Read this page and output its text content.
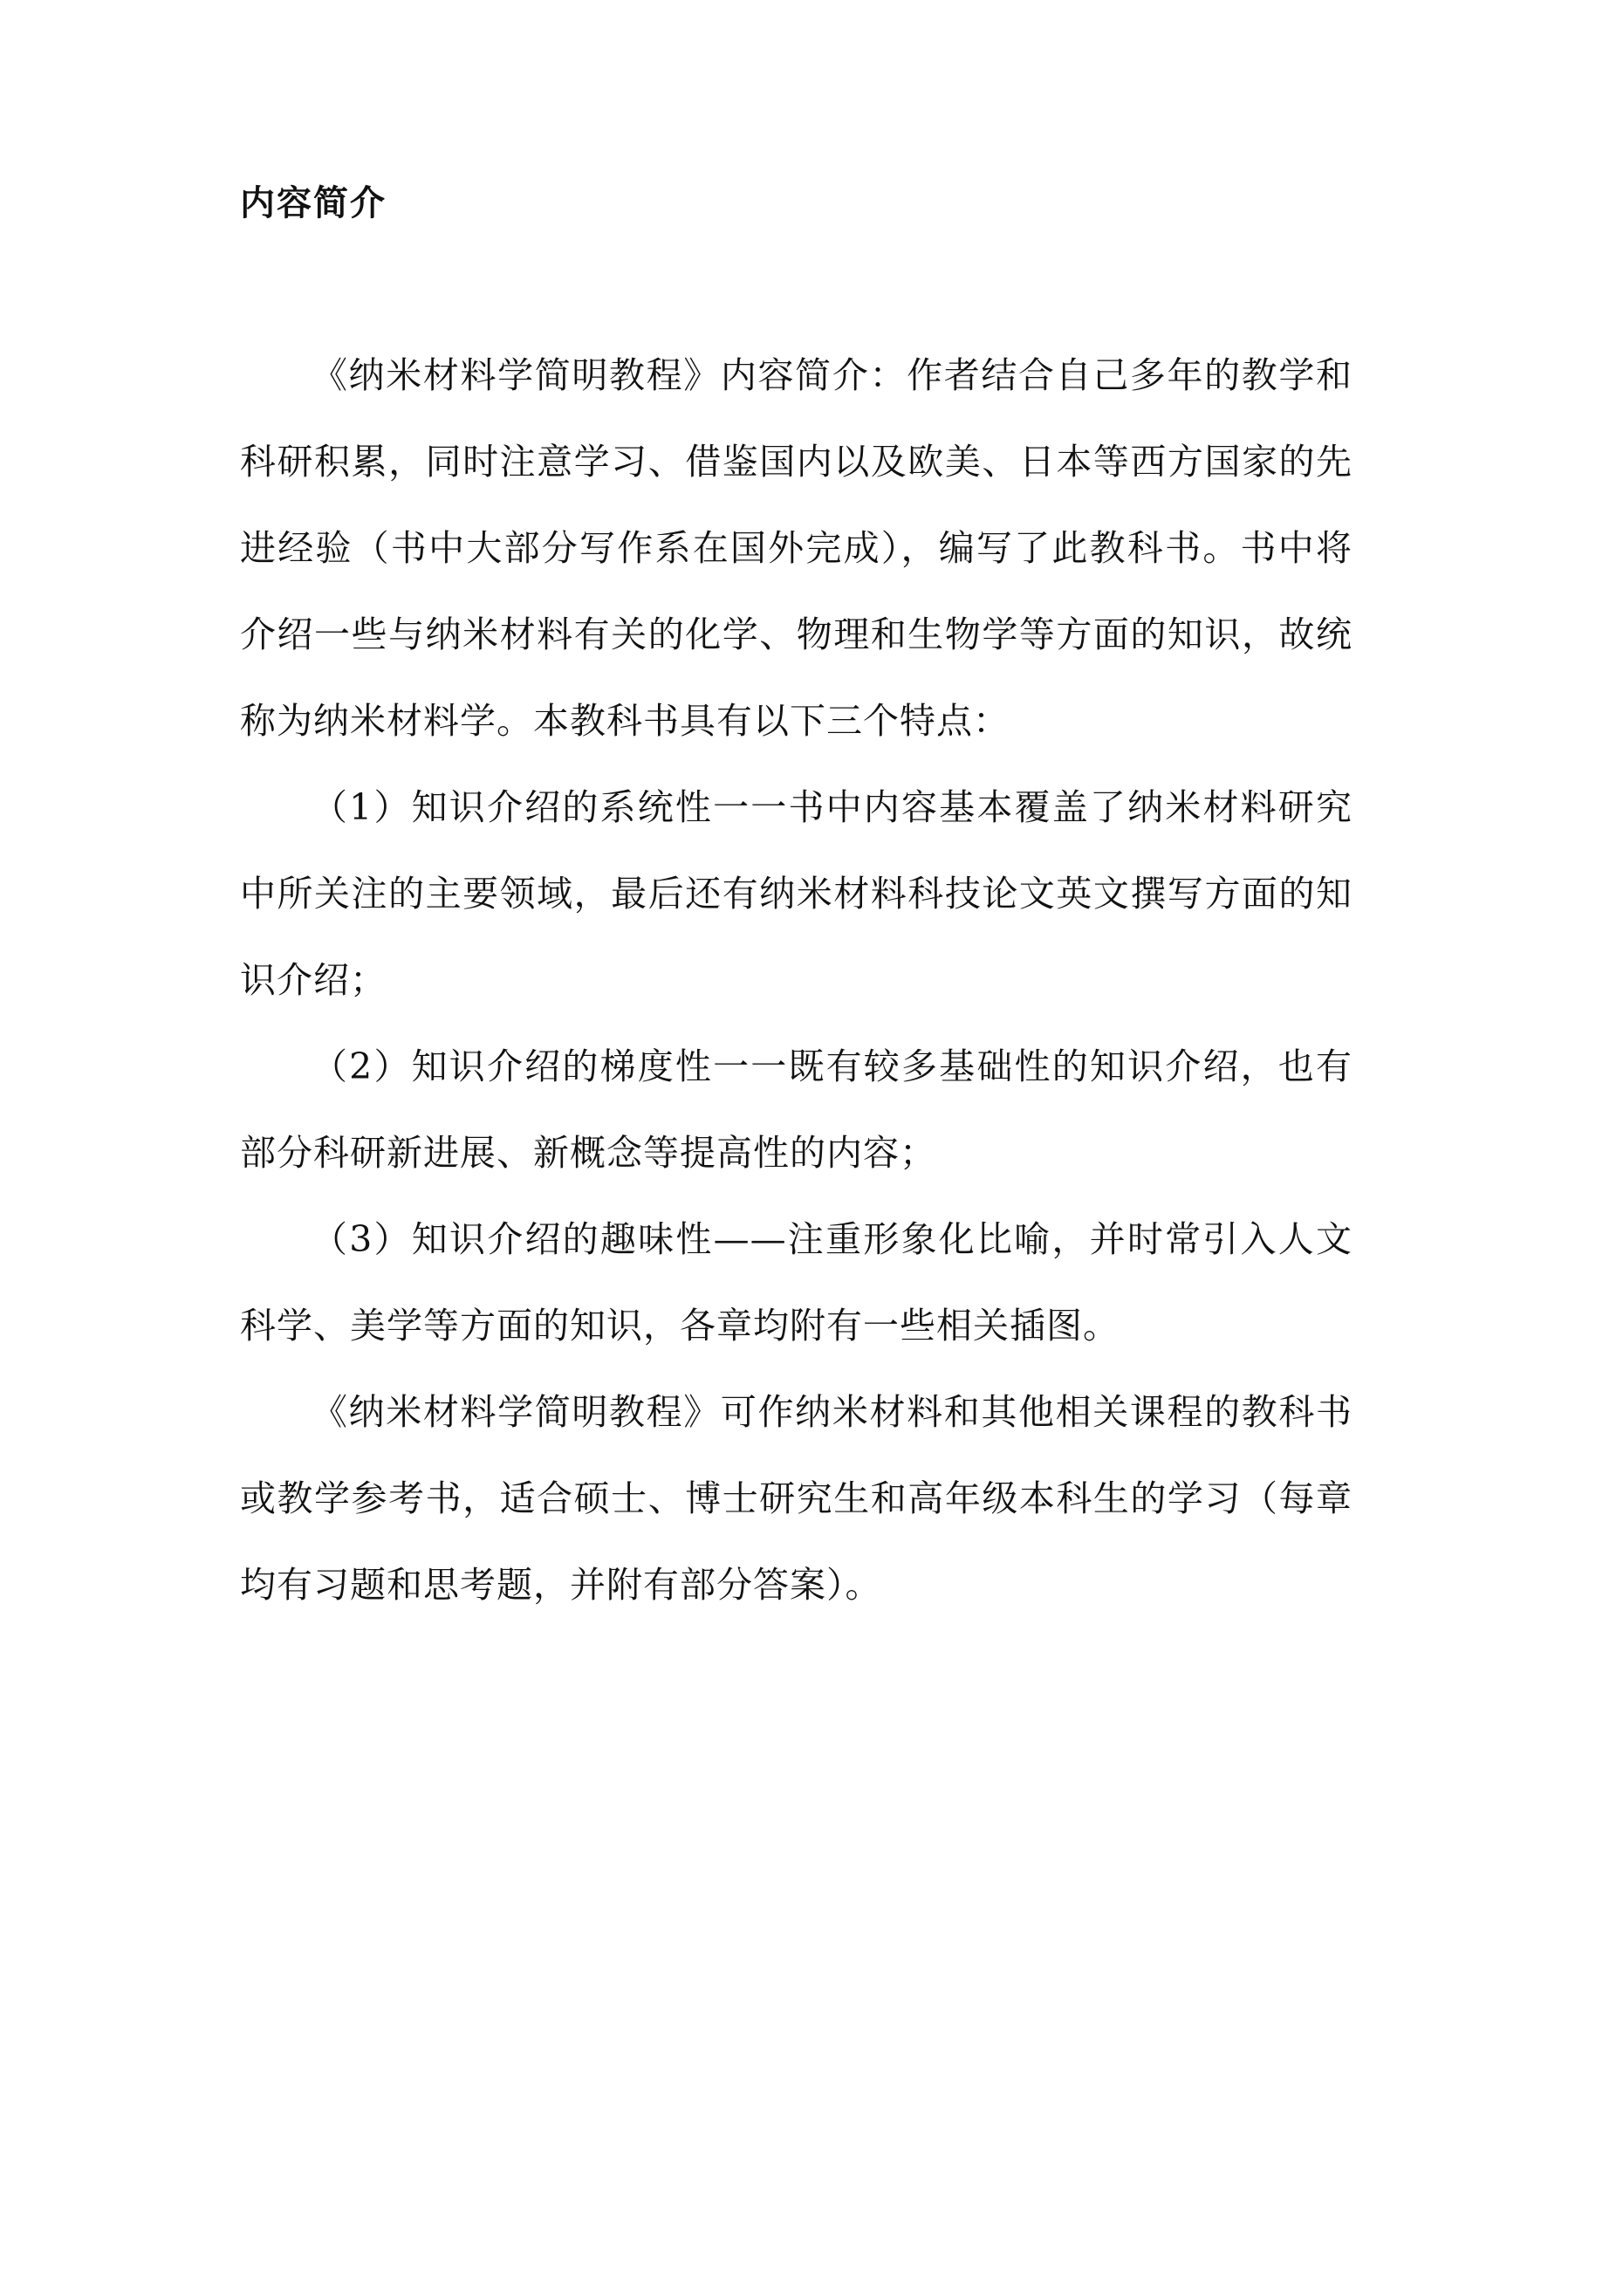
内容简介

《纳米材料学简明教程》内容简介：作者结合自己多年的教学和科研积累，同时注意学习、借鉴国内以及欧美、日本等西方国家的先进经验（书中大部分写作系在国外完成），编写了此教科书。书中将介绍一些与纳米材料有关的化学、物理和生物学等方面的知识，故统称为纳米材料学。本教科书具有以下三个特点：

（1）知识介绍的系统性一一书中内容基本覆盖了纳米材料研究中所关注的主要领域，最后还有纳米材料科技论文英文撰写方面的知识介绍；

（2）知识介绍的梯度性一一既有较多基础性的知识介绍，也有部分科研新进展、新概念等提高性的内容；

（3）知识介绍的趣味性——注重形象化比喻，并时常引入人文科学、美学等方面的知识，各章均附有一些相关插图。

《纳米材料学简明教程》可作纳米材料和其他相关课程的教科书或教学参考书，适合硕士、博士研究生和高年级本科生的学习（每章均有习题和思考题，并附有部分答案）。
